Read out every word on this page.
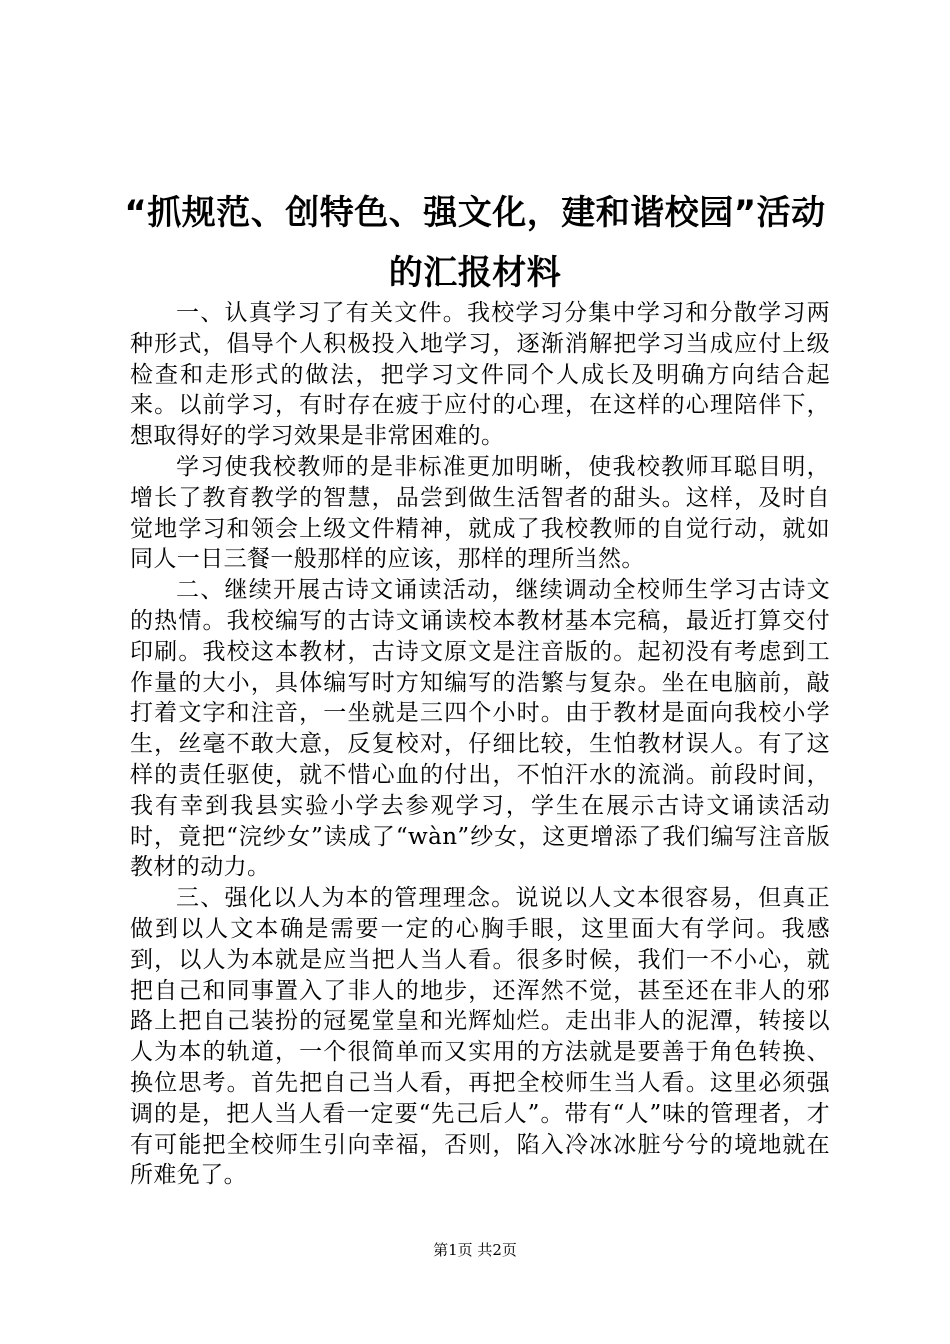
“抓规范、创特色、强文化，建和谐校园”活动的汇报材料

一、认真学习了有关文件。我校学习分集中学习和分散学习两种形式，倡导个人积极投入地学习，逐渐消解把学习当成应付上级检查和走形式的做法，把学习文件同个人成长及明确方向结合起来。以前学习，有时存在疲于应付的心理，在这样的心理陪伴下，想取得好的学习效果是非常困难的。

学习使我校教师的是非标准更加明晰，使我校教师耳聪目明，增长了教育教学的智慧，品尝到做生活智者的甜头。这样，及时自觉地学习和领会上级文件精神，就成了我校教师的自觉行动，就如同人一日三餐一般那样的应该，那样的理所当然。

二、继续开展古诗文诵读活动，继续调动全校师生学习古诗文的热情。我校编写的古诗文诵读校本教材基本完稿，最近打算交付印刷。我校这本教材，古诗文原文是注音版的。起初没有考虑到工作量的大小，具体编写时方知编写的浩繁与复杂。坐在电脑前，敲打着文字和注音，一坐就是三四个小时。由于教材是面向我校小学生，丝毫不敢大意，反复校对，仔细比较，生怕教材误人。有了这样的责任驱使，就不惜心血的付出，不怕汗水的流淌。前段时间，我有幸到我县实验小学去参观学习，学生在展示古诗文诵读活动时，竟把“浣纱女”读成了“wàn”纱女，这更增添了我们编写注音版教材的动力。

三、强化以人为本的管理理念。说说以人文本很容易，但真正做到以人文本确是需要一定的心胸手眼，这里面大有学问。我感到，以人为本就是应当把人当人看。很多时候，我们一不小心，就把自己和同事置入了非人的地步，还浑然不觉，甚至还在非人的邪路上把自己装扮的冠冕堂皇和光辉灿烂。走出非人的泥潭，转接以人为本的轨道，一个很简单而又实用的方法就是要善于角色转换、换位思考。首先把自己当人看，再把全校师生当人看。这里必须强调的是，把人当人看一定要“先己后人”。带有“人”味的管理者，才有可能把全校师生引向幸福，否则，陷入冷冰冰脏兮兮的境地就在所难免了。

第1页 共2页
